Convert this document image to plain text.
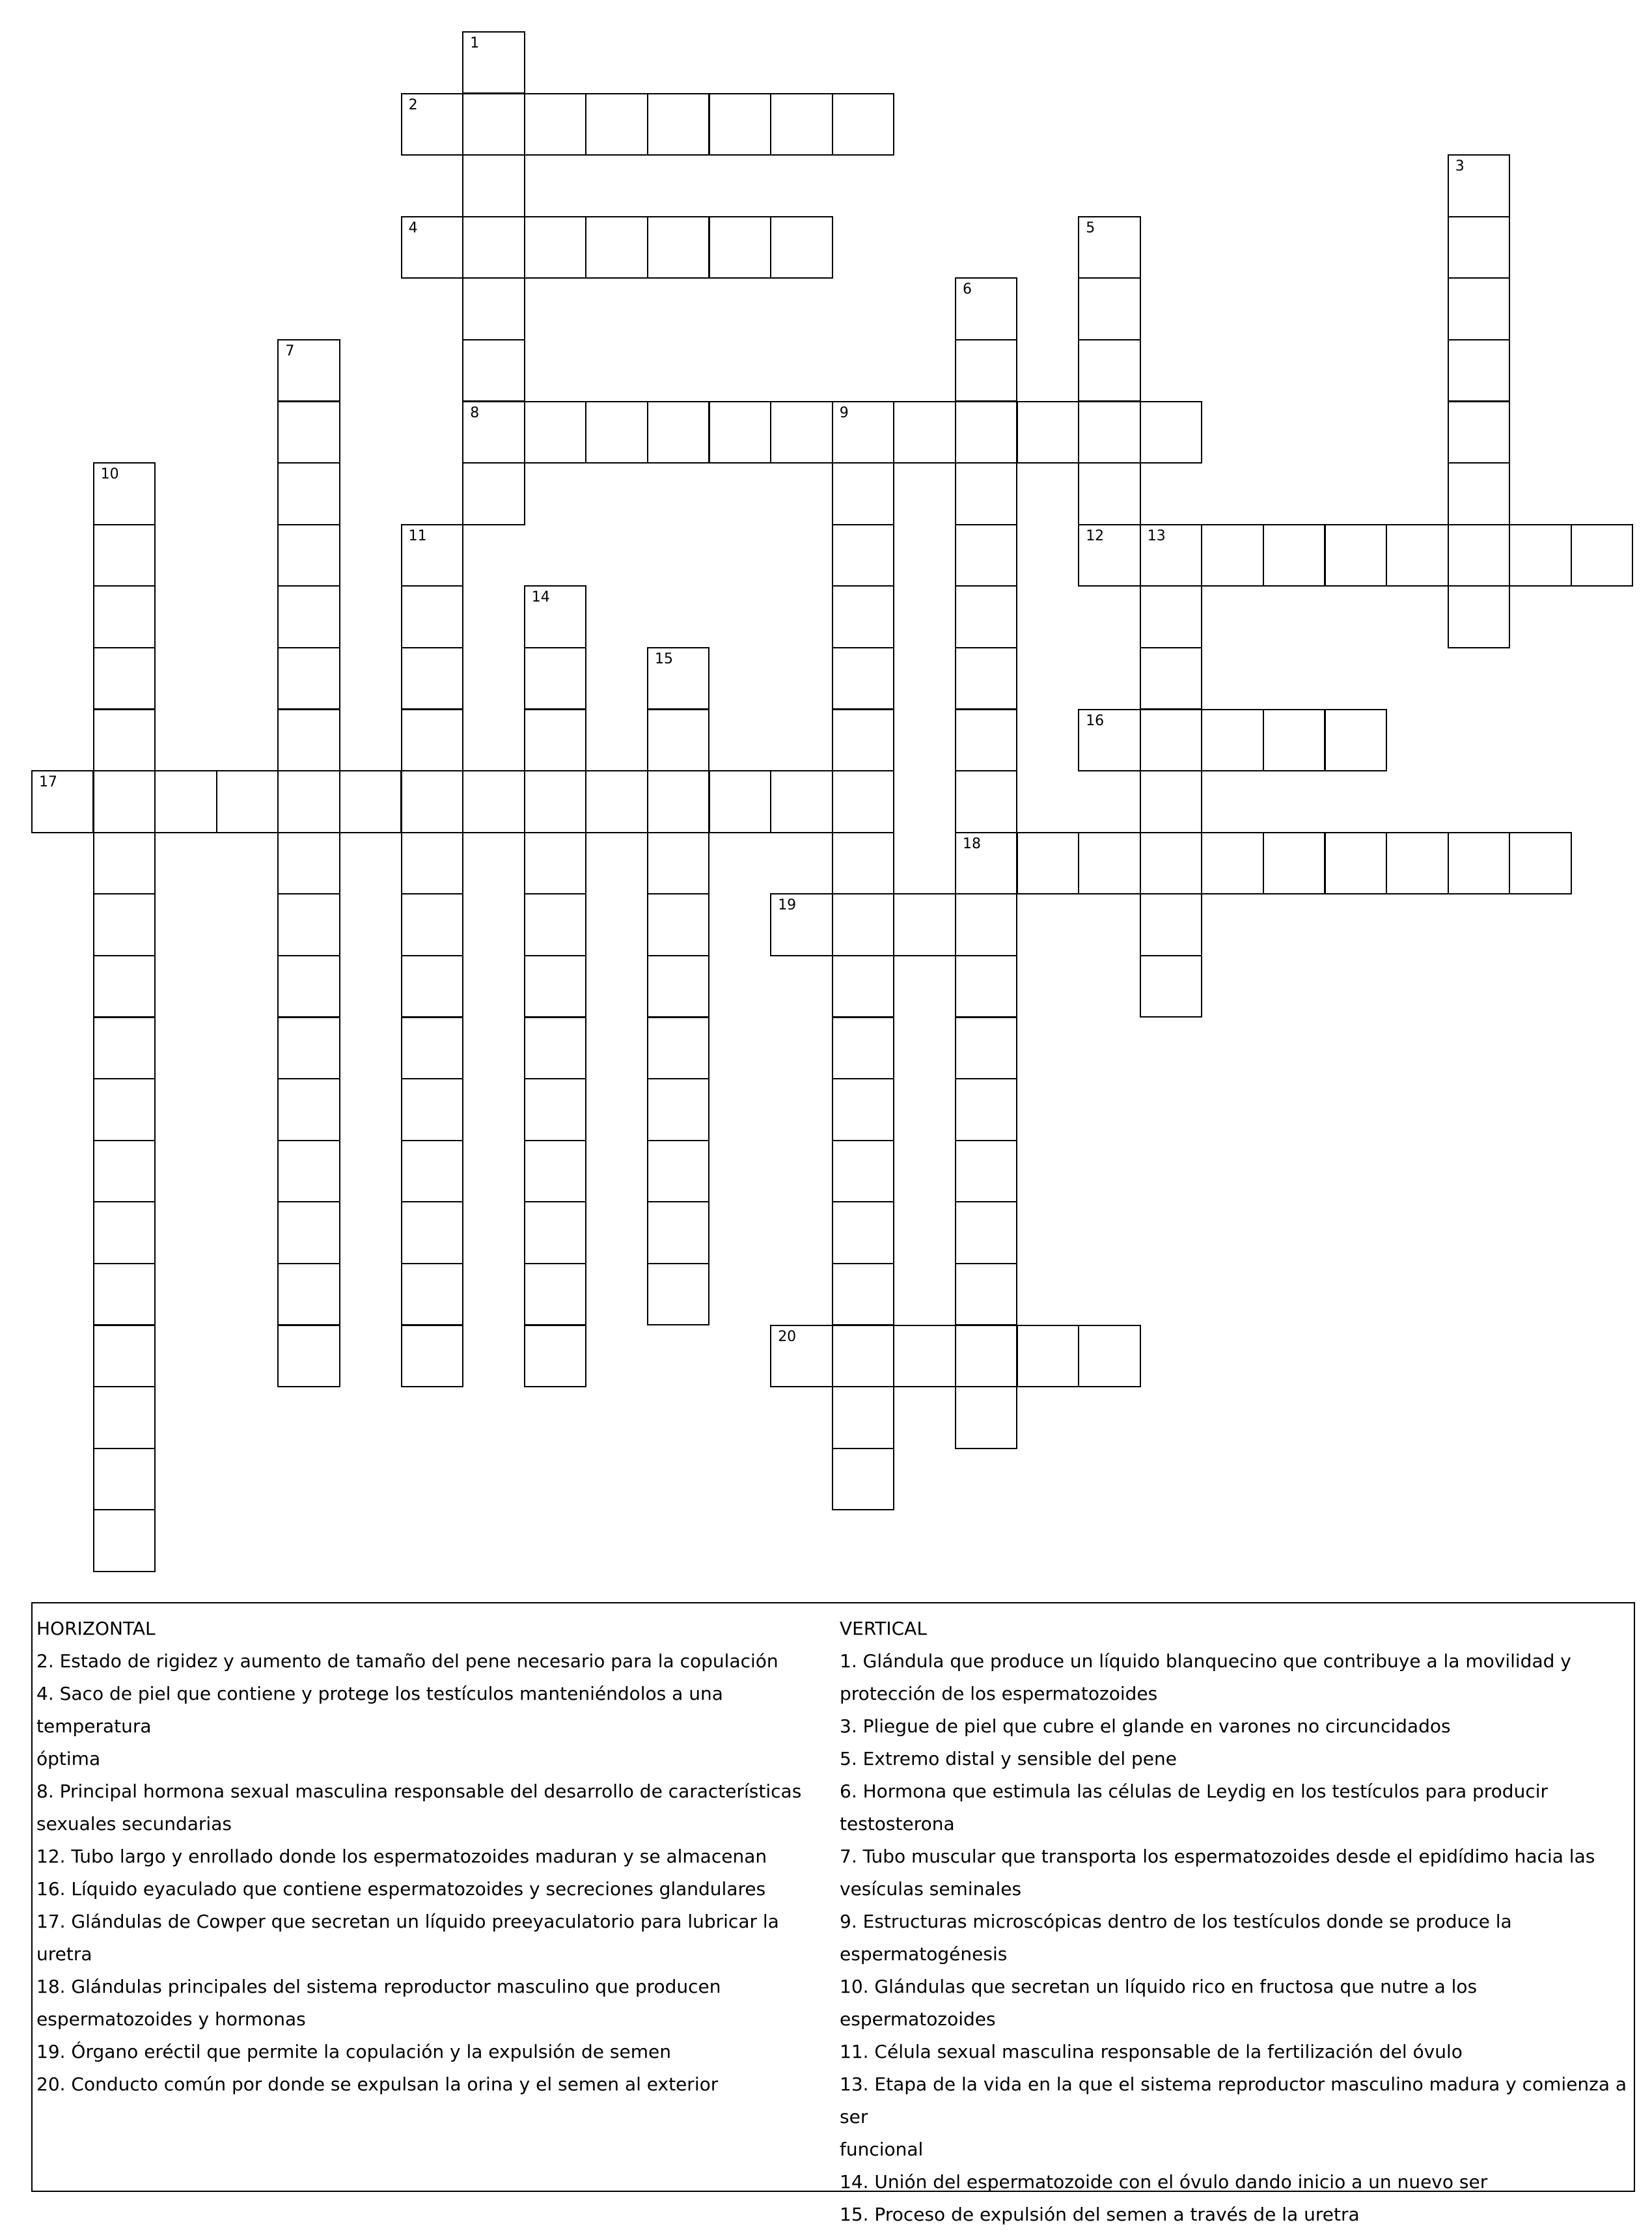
1
2
3
4	5
6
7
8	9
10
11	12	13
14
15
16
17
18
19
20

HORIZONTAL

2. Estado de rigidez y aumento de tamaño del pene necesario para la copulación

4. Saco de piel que contiene y protege los testículos manteniéndolos a una temperatura

óptima

8. Principal hormona sexual masculina responsable del desarrollo de características

sexuales secundarias

12. Tubo largo y enrollado donde los espermatozoides maduran y se almacenan

16. Líquido eyaculado que contiene espermatozoides y secreciones glandulares

17. Glándulas de Cowper que secretan un líquido preeyaculatorio para lubricar la uretra

18. Glándulas principales del sistema reproductor masculino que producen

espermatozoides y hormonas

19. Órgano eréctil que permite la copulación y la expulsión de semen

20. Conducto común por donde se expulsan la orina y el semen al exterior

VERTICAL

1. Glándula que produce un líquido blanquecino que contribuye a la movilidad y

protección de los espermatozoides

3. Pliegue de piel que cubre el glande en varones no circuncidados

5. Extremo distal y sensible del pene

6. Hormona que estimula las células de Leydig en los testículos para producir

testosterona

7. Tubo muscular que transporta los espermatozoides desde el epidídimo hacia las

vesículas seminales

9. Estructuras microscópicas dentro de los testículos donde se produce la

espermatogénesis

10. Glándulas que secretan un líquido rico en fructosa que nutre a los espermatozoides

11. Célula sexual masculina responsable de la fertilización del óvulo

13. Etapa de la vida en la que el sistema reproductor masculino madura y comienza a ser

funcional

14. Unión del espermatozoide con el óvulo dando inicio a un nuevo ser

15. Proceso de expulsión del semen a través de la uretra
